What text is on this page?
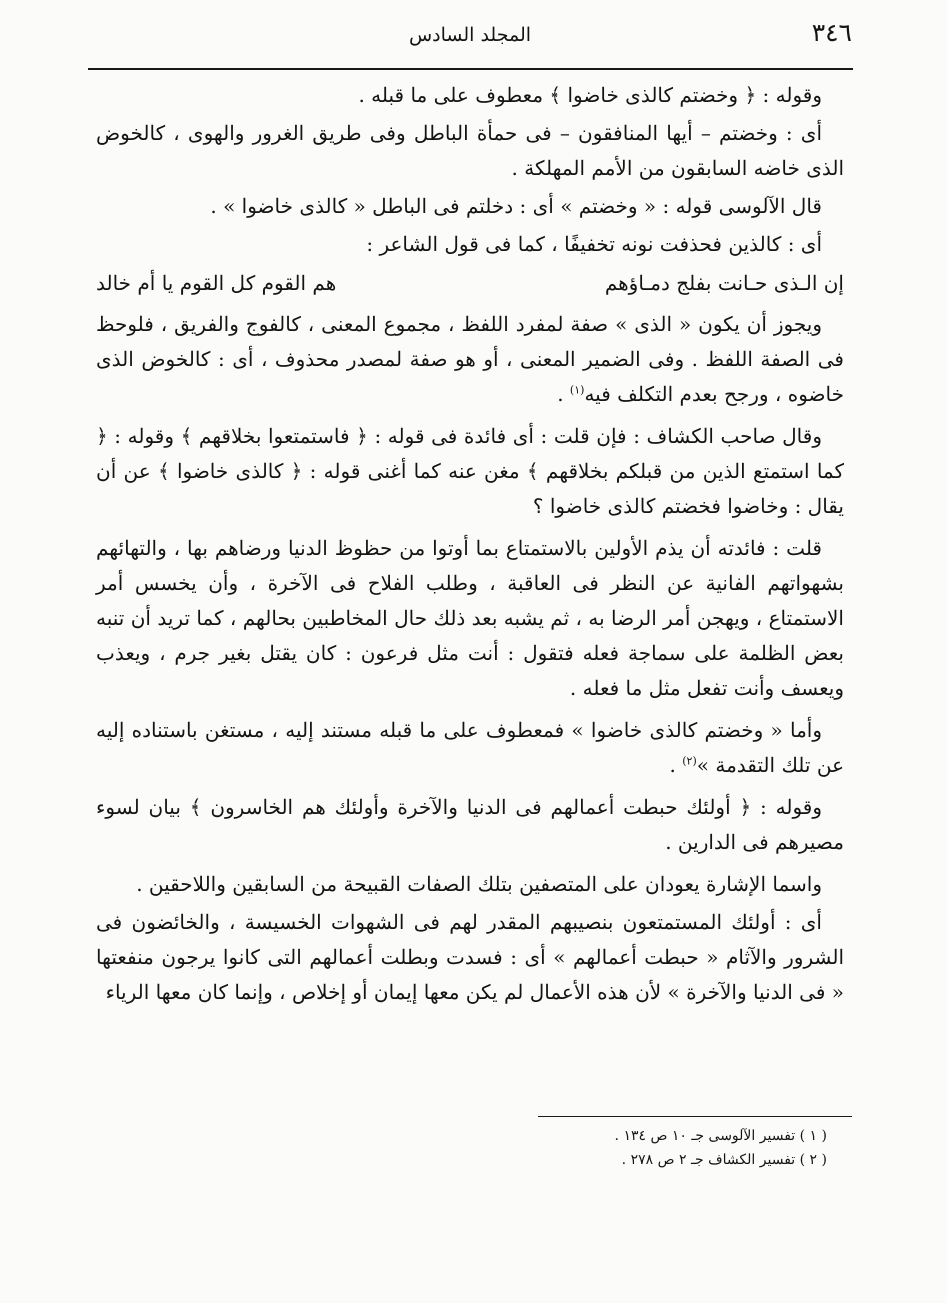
٣٤٦
المجلد السادس

وقوله : ﴿ وخضتم كالذى خاضوا ﴾ معطوف على ما قبله .

أى : وخضتم – أيها المنافقون – فى حمأة الباطل وفى طريق الغرور والهوى ، كالخوض الذى خاضه السابقون من الأمم المهلكة .

قال الآلوسى قوله : « وخضتم » أى : دخلتم فى الباطل « كالذى خاضوا » .

أى : كالذين فحذفت نونه تخفيفًا ، كما فى قول الشاعر :

إن الـذى حـانت بفلج دمـاؤهم
هم القوم كل القوم يا أم خالد

ويجوز أن يكون « الذى » صفة لمفرد اللفظ ، مجموع المعنى ، كالفوج والفريق ، فلوحظ فى الصفة اللفظ . وفى الضمير المعنى ، أو هو صفة لمصدر محذوف ، أى : كالخوض الذى خاضوه ، ورجح بعدم التكلف فيه$^{(١)}$ .

وقال صاحب الكشاف : فإن قلت : أى فائدة فى قوله : ﴿ فاستمتعوا بخلاقهم ﴾ وقوله : ﴿ كما استمتع الذين من قبلكم بخلاقهم ﴾ مغن عنه كما أغنى قوله : ﴿ كالذى خاضوا ﴾ عن أن يقال : وخاضوا فخضتم كالذى خاضوا ؟

قلت : فائدته أن يذم الأولين بالاستمتاع بما أوتوا من حظوظ الدنيا ورضاهم بها ، والتهائهم بشهواتهم الفانية عن النظر فى العاقبة ، وطلب الفلاح فى الآخرة ، وأن يخسس أمر الاستمتاع ، ويهجن أمر الرضا به ، ثم يشبه بعد ذلك حال المخاطبين بحالهم ، كما تريد أن تنبه بعض الظلمة على سماجة فعله فتقول : أنت مثل فرعون : كان يقتل بغير جرم ، ويعذب ويعسف وأنت تفعل مثل ما فعله .

وأما « وخضتم كالذى خاضوا » فمعطوف على ما قبله مستند إليه ، مستغن باستناده إليه عن تلك التقدمة »$^{(٢)}$ .

وقوله : ﴿ أولئك حبطت أعمالهم فى الدنيا والآخرة وأولئك هم الخاسرون ﴾ بيان لسوء مصيرهم فى الدارين .

واسما الإشارة يعودان على المتصفين بتلك الصفات القبيحة من السابقين واللاحقين .

أى : أولئك المستمتعون بنصيبهم المقدر لهم فى الشهوات الخسيسة ، والخائضون فى الشرور والآثام « حبطت أعمالهم » أى : فسدت وبطلت أعمالهم التى كانوا يرجون منفعتها « فى الدنيا والآخرة » لأن هذه الأعمال لم يكن معها إيمان أو إخلاص ، وإنما كان معها الرياء

( ١ ) تفسير الآلوسى جـ ١٠ ص ١٣٤ .

( ٢ ) تفسير الكشاف جـ ٢ ص ٢٧٨ .
